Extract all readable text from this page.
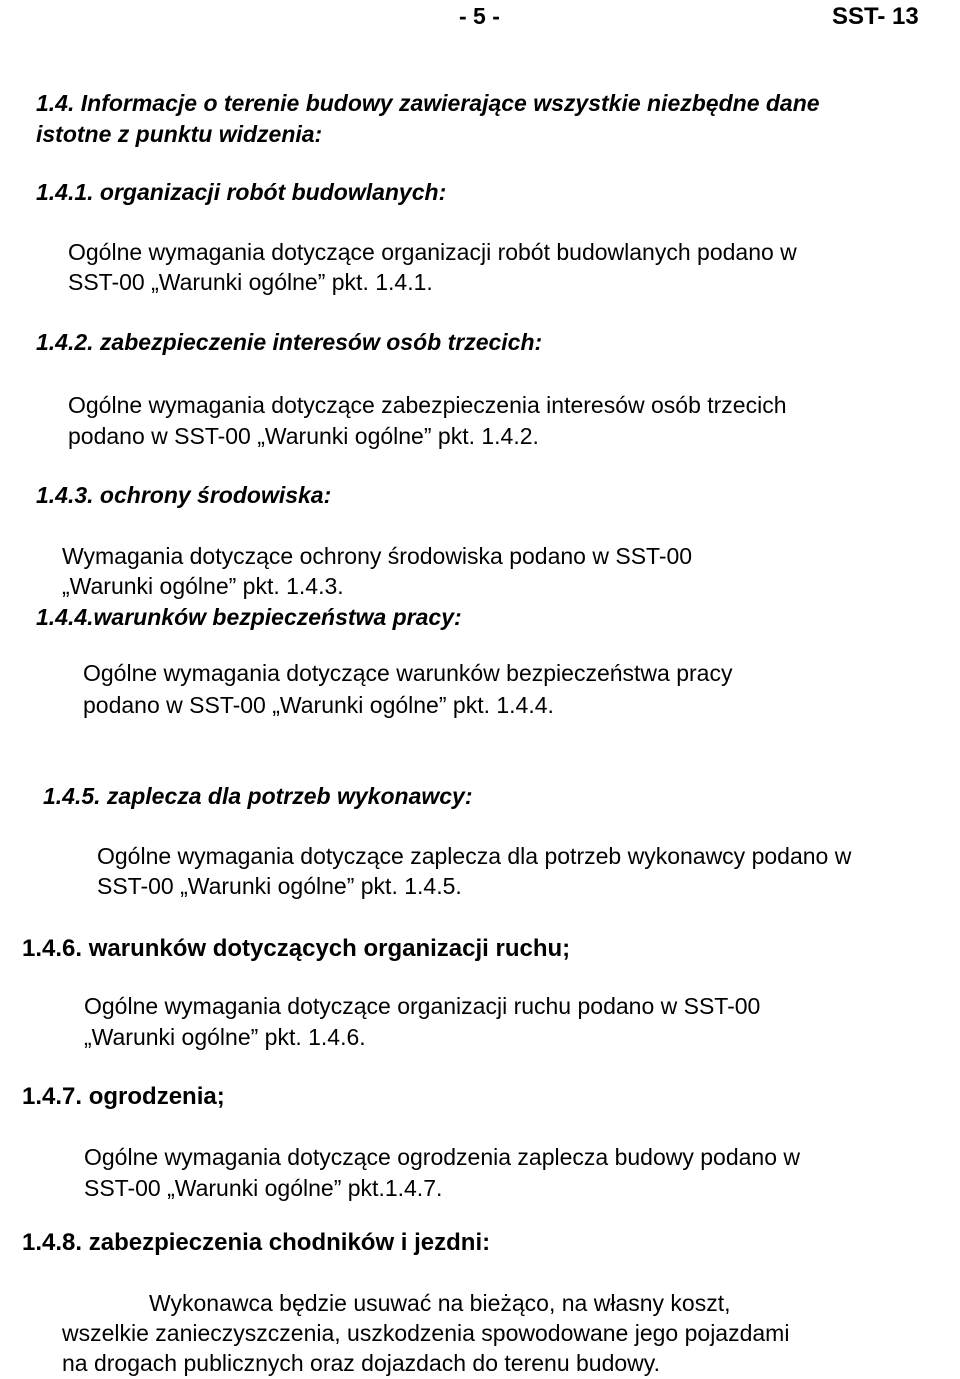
- 5 -	SST- 13
1.4. Informacje o terenie budowy zawierające wszystkie niezbędne dane
istotne z punktu widzenia:
1.4.1. organizacji robót budowlanych:
Ogólne wymagania dotyczące organizacji robót budowlanych podano w
SST-00 „Warunki ogólne” pkt. 1.4.1.
1.4.2. zabezpieczenie interesów osób trzecich:
Ogólne wymagania dotyczące zabezpieczenia interesów osób trzecich
podano w SST-00 „Warunki ogólne” pkt. 1.4.2.
1.4.3. ochrony środowiska:
Wymagania dotyczące ochrony środowiska podano w SST-00
„Warunki ogólne” pkt. 1.4.3.
1.4.4.warunków bezpieczeństwa pracy:
Ogólne wymagania dotyczące warunków bezpieczeństwa pracy
podano w SST-00 „Warunki ogólne” pkt. 1.4.4.
1.4.5. zaplecza dla potrzeb wykonawcy:
Ogólne wymagania dotyczące zaplecza dla potrzeb wykonawcy podano w
SST-00 „Warunki ogólne” pkt. 1.4.5.
1.4.6. warunków dotyczących organizacji ruchu;
Ogólne wymagania dotyczące organizacji ruchu podano w SST-00
„Warunki ogólne” pkt. 1.4.6.
1.4.7. ogrodzenia;
Ogólne wymagania dotyczące ogrodzenia zaplecza budowy podano w
SST-00 „Warunki ogólne” pkt.1.4.7.
1.4.8. zabezpieczenia chodników i jezdni:
Wykonawca będzie usuwać na bieżąco, na własny koszt,
wszelkie zanieczyszczenia, uszkodzenia spowodowane jego pojazdami
na drogach publicznych oraz dojazdach do terenu budowy.
